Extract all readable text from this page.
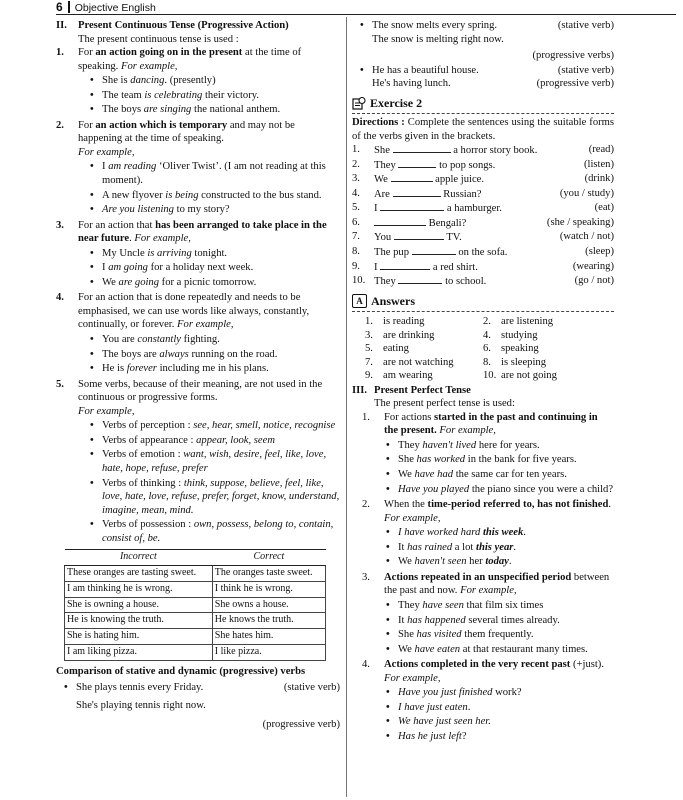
6 Objective English
II.	Present Continuous Tense (Progressive Action)

The present continuous tense is used :

1.	For an action going on in the present at the time of speaking. For example,

• She is dancing. (presently)
• The team is celebrating their victory.
• The boys are singing the national anthem.
2.	For an action which is temporary and may not be happening at the time of speaking.

For example,

• I am reading ‘Oliver Twist’. (I am not reading at this moment).
• A new flyover is being constructed to the bus stand.
• Are you listening to my story?
3.	For an action that has been arranged to take place in the near future. For example,

• My Uncle is arriving tonight.
• I am going for a holiday next week.
• We are going for a picnic tomorrow.
4.	For an action that is done repeatedly and needs to be emphasised, we can use words like always, constantly, continually, or forever. For example,

• You are constantly fighting.
• The boys are always running on the road.
• He is forever including me in his plans.
5.	Some verbs, because of their meaning, are not used in the continuous or progressive forms.

For example,

• Verbs of perception : see, hear, smell, notice, recognise
• Verbs of appearance : appear, look, seem
• Verbs of emotion : want, wish, desire, feel, like, love, hate, hope, refuse, prefer
• Verbs of thinking : think, suppose, believe, feel, like, love, hate, love, refuse, prefer, forget, know, understand, imagine, mean, mind.
• Verbs of possession : own, possess, belong to, contain, consist of, be.
Incorrect	Correct
These oranges are tasting sweet.	The oranges taste sweet.
I am thinking he is wrong.	I think he is wrong.
She is owning a house.	She owns a house.
He is knowing the truth.	He knows the truth.
She is hating him.	She hates him.
I am liking pizza.	I like pizza.

Comparison of stative and dynamic (progressive) verbs

• She plays tennis every Friday.	(stative verb)
She's playing tennis right now.
(progressive verb)
• The snow melts every spring.	(stative verb)
The snow is melting right now.
(progressive verbs)
• He has a beautiful house.	(stative verb)
He's having lunch.	(progressive verb)
Exercise 2

Directions : Complete the sentences using the suitable forms of the verbs given in the brackets.

1.	She	a horror story book.	(read)
2.	They	to pop songs.	(listen)
3.	We	apple juice.	(drink)
4.	Are	Russian?	(you / study)
5.	I	a hamburger.	(eat)
6.	Bengali?	(she / speaking)
7.	You	TV.	(watch / not)
8.	The pup	on the sofa.	(sleep)
9.	I	a red shirt.	(wearing)
10. They	to school.	(go / not)
A Answers
1. is reading	2. are listening
3. are drinking	4. studying
5. eating	6. speaking
7. are not watching	8. is sleeping
9. am wearing	10. are not going
III. Present Perfect Tense

The present perfect tense is used:

1.	For actions started in the past and continuing in the present. For example,

• They haven't lived here for years.
• She has worked in the bank for five years.
• We have had the same car for ten years.
• Have you played the piano since you were a child?
2.	When the time-period referred to, has not finished. For example,

• I have worked hard this week.
• It has rained a lot this year.
• We haven't seen her today.
3.	Actions repeated in an unspecified period between the past and now. For example,

• They have seen that film six times
• It has happened several times already.
• She has visited them frequently.
• We have eaten at that restaurant many times.
4.	Actions completed in the very recent past (+just). For example,

• Have you just finished work?
• I have just eaten.
• We have just seen her.
• Has he just left?
